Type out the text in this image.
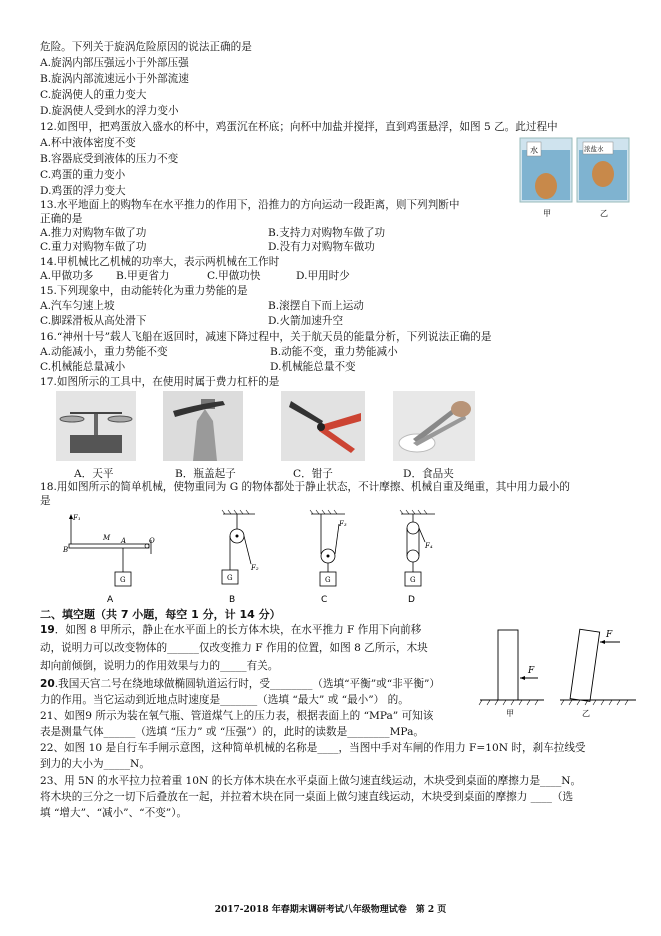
危险。下列关于旋涡危险原因的说法正确的是
A.旋涡内部压强远小于外部压强
B.旋涡内部流速远小于外部流速
C.旋涡使人的重力变大
D.旋涡使人受到水的浮力变小
12.如图甲，把鸡蛋放入盛水的杯中，鸡蛋沉在杯底；向杯中加盐并搅拌，直到鸡蛋悬浮，如图 5 乙。此过程中
A.杯中液体密度不变
B.容器底受到液体的压力不变
C.鸡蛋的重力变小
D.鸡蛋的浮力变大
13.水平地面上的购物车在水平推力的作用下，沿推力的方向运动一段距离，则下列判断中
正确的是
水	浓盐水
甲	乙
A.推力对购物车做了功	B.支持力对购物车做了功
C.重力对购物车做了功	D.没有力对购物车做功
14.甲机械比乙机械的功率大，表示两机械在工作时
A.甲做功多 B.甲更省力	C.甲做功快	D.甲用时少
15.下列现象中，由动能转化为重力势能的是
A.汽车匀速上坡	B.滚摆自下而上运动
C.脚踩滑板从高处滑下	D.火箭加速升空
16.“神州十号”载人飞船在返回时，减速下降过程中，关于航天员的能量分析，下列说法正确的是
A.动能减小，重力势能不变	B.动能不变，重力势能减小
C.机械能总量减小	D.机械能总量不变
17.如图所示的工具中，在使用时属于费力杠杆的是
A．天平	B．瓶盖起子	C．钳子	D．食品夹
18.用如图所示的简单机械，使物重同为 G 的物体都处于静止状态，不计摩擦、机械自重及绳重，其中用力最小的
是
F₁
M
B
A	O
G
F₂
G
F₃
G
F₄
G
A	B	C	D
二、填空题（共 7 小题，每空 1 分，计 14 分）
19．如图 8 甲所示，静止在水平面上的长方体木块，在水平推力 F 作用下向前移
动，说明力可以改变物体的______仅改变推力 F 作用的位置，如图 8 乙所示，木块
却向前倾倒，说明力的作用效果与力的_____有关。	F
F
甲	乙
20.我国天宫二号在绕地球做椭圆轨道运行时，受________（选填“平衡”或“非平衡”）
力的作用。当它运动到近地点时速度是_______（选填 “最大” 或 “最小”） 的。
21、如图9 所示为装在氧气瓶、管道煤气上的压力表，根据表面上的 “MPa” 可知该
表是测量气体______（选填 “压力” 或 “压强”）的，此时的读数是________MPa。
22、如图 10 是自行车手闸示意图，这种简单机械的名称是____，当图中手对车闸的作用力 F=10N 时，刹车拉线受
到力的大小为_____N。
23、用 5N 的水平拉力拉着重 10N 的长方体木块在水平桌面上做匀速直线运动，木块受到桌面的摩擦力是____N。
将木块的三分之一切下后叠放在一起，并拉着木块在同一桌面上做匀速直线运动，木块受到桌面的摩擦力 ____（选
填 “增大”、“减小”、“不变”）。
2017-2018 年春期末调研考试八年级物理试卷　第 2 页
